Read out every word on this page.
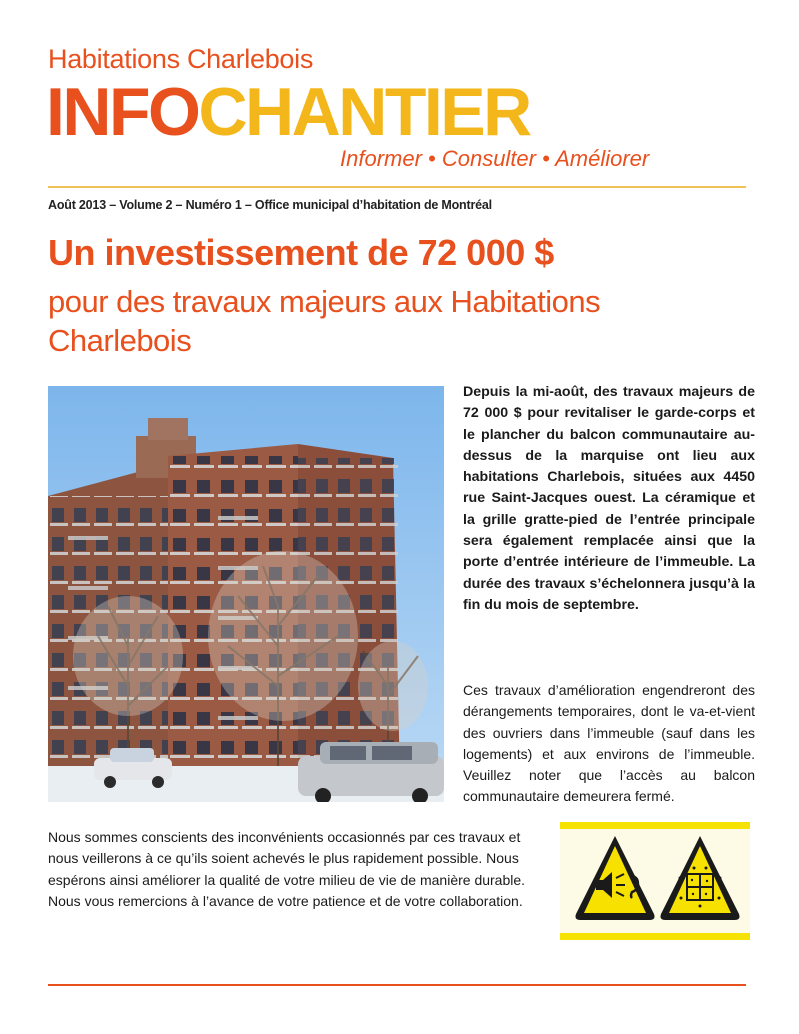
Habitations Charlebois
INFOCHANTIER
Informer • Consulter • Améliorer
Août 2013 – Volume 2 – Numéro 1 – Office municipal d’habitation de Montréal
Un investissement de 72 000 $
pour des travaux majeurs aux Habitations Charlebois
Depuis la mi-août, des travaux majeurs de 72 000 $ pour revitaliser le garde-corps et le plancher du balcon communautaire au-dessus de la marquise ont lieu aux habitations Charlebois, situées aux 4450 rue Saint-Jacques ouest. La céramique et la grille gratte-pied de l’entrée principale sera également remplacée ainsi que la porte d’entrée intérieure de l’immeuble. La durée des travaux s’échelonnera jusqu’à la fin du mois de septembre.
Ces travaux d’amélioration engendreront des dérangements temporaires, dont le va-et-vient des ouvriers dans l’immeuble (sauf dans les logements) et aux environs de l’immeuble. Veuillez noter que l’accès au balcon communautaire demeurera fermé.
Nous sommes conscients des inconvénients occasionnés par ces travaux et nous veillerons à ce qu’ils soient achevés le plus rapidement possible. Nous espérons ainsi améliorer la qualité de votre milieu de vie de manière durable. Nous vous remercions à l’avance de votre patience et de votre collaboration.
